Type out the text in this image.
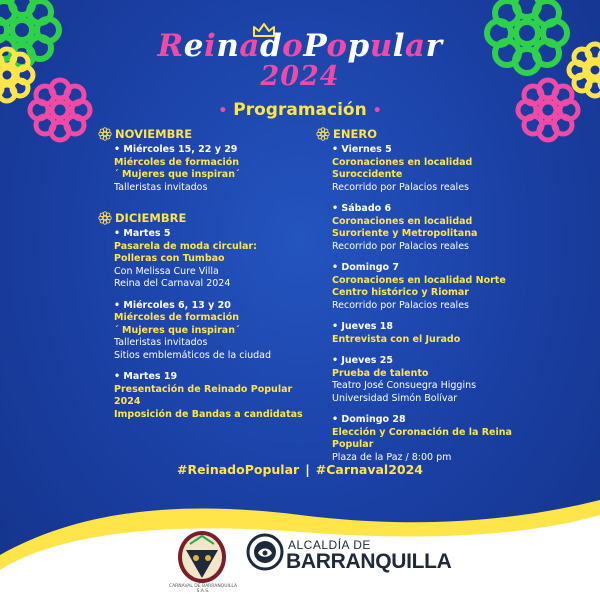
ReinadoPopular
2024
• Programación •
NOVIEMBRE
• Miércoles 15, 22 y 29
Miércoles de formación
´ Mujeres que inspiran´
Talleristas invitados
DICIEMBRE
• Martes 5
Pasarela de moda circular:
Polleras con Tumbao
Con Melissa Cure Villa
Reina del Carnaval 2024
• Miércoles 6, 13 y 20
Miércoles de formación
´ Mujeres que inspiran´
Talleristas invitados
Sitios emblemáticos de la ciudad
• Martes 19
Presentación de Reinado Popular
2024
Imposición de Bandas a candidatas
ENERO
• Viernes 5
Coronaciones en localidad
Suroccidente
Recorrido por Palacios reales
• Sábado 6
Coronaciones en localidad
Suroriente y Metropolitana
Recorrido por Palacios reales
• Domingo 7
Coronaciones en localidad Norte
Centro histórico y Riomar
Recorrido por Palacios reales
• Jueves 18
Entrevista con el Jurado
• Jueves 25
Prueba de talento
Teatro José Consuegra Higgins
Universidad Simón Bolívar
• Domingo 28
Elección y Coronación de la Reina
Popular
Plaza de la Paz / 8:00 pm
#ReinadoPopular | #Carnaval2024
CARNAVAL DE BARRANQUILLA S.A.S.
ALCALDÍA DE
BARRANQUILLA
